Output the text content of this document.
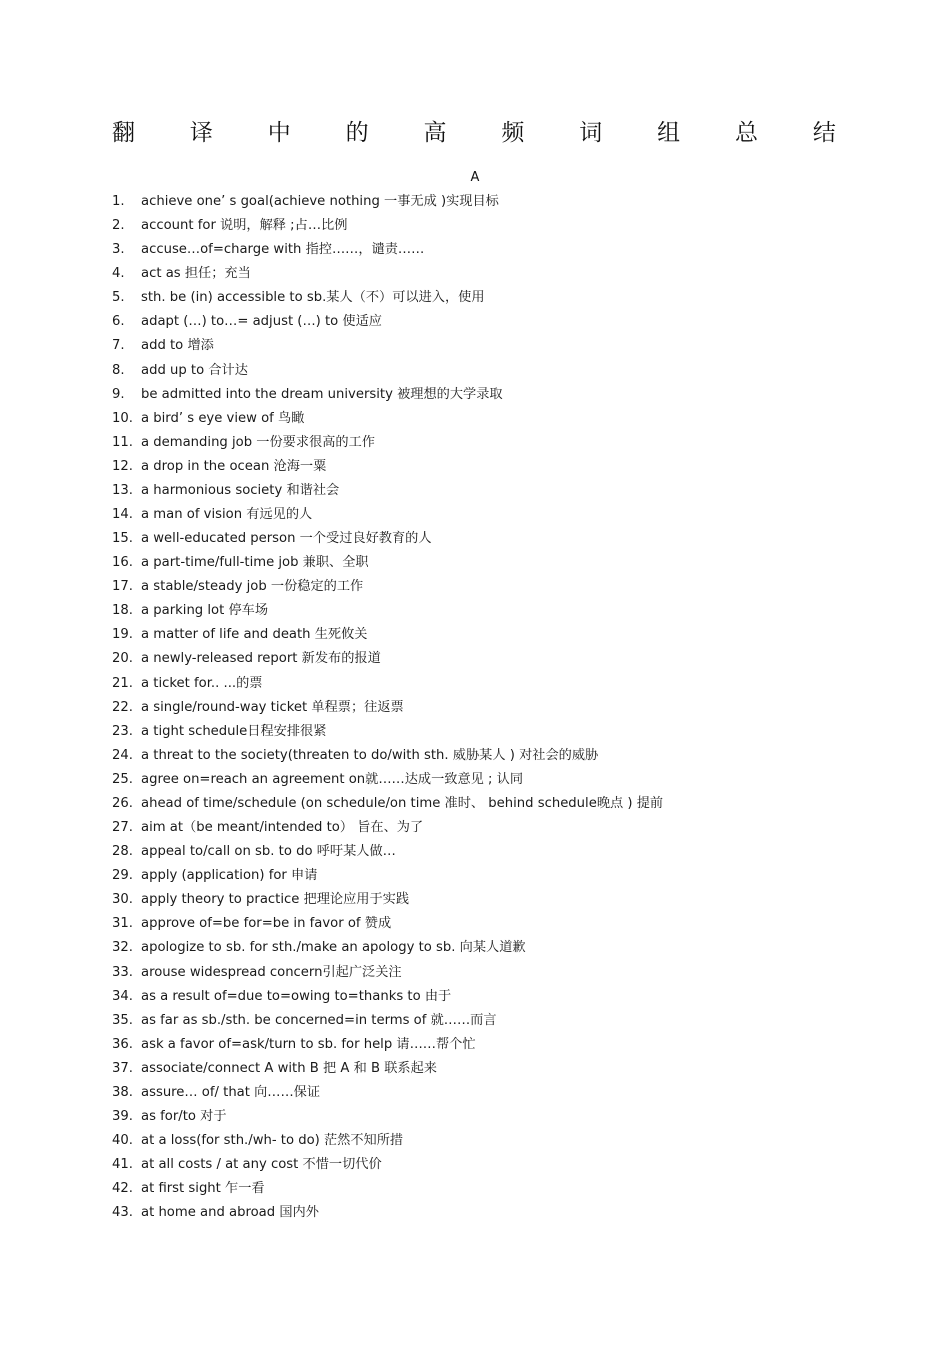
翻 译 中 的 高 频 词 组 总 结
A
1.	achieve one’ s goal(achieve nothing 一事无成 )实现目标
2.	account for 说明，解释 ;占…比例
3.	accuse…of=charge with 指控……，谴责……
4.	act as 担任；充当
5.	sth. be (in) accessible to sb.某人（不）可以进入，使用
6.	adapt (…) to…= adjust (…) to 使适应
7.	add to 增添
8.	add up to 合计达
9.	be admitted into the dream university 被理想的大学录取
10. a bird’ s eye view of 鸟瞰
11. a demanding job 一份要求很高的工作
12. a drop in the ocean 沧海一粟
13. a harmonious society 和谐社会
14. a man of vision 有远见的人
15. a well-educated person 一个受过良好教育的人
16. a part-time/full-time job 兼职、全职
17. a stable/steady job 一份稳定的工作
18. a parking lot 停车场
19. a matter of life and death 生死攸关
20. a newly-released report 新发布的报道
21. a ticket for.. ...的票
22. a single/round-way ticket 单程票；往返票
23. a tight schedule日程安排很紧
24. a threat to the society(threaten to do/with sth. 威胁某人 ) 对社会的威胁
25. agree on=reach an agreement on就……达成一致意见 ; 认同
26. ahead of time/schedule (on schedule/on time 准时、 behind schedule晚点 ) 提前
27. aim at（be meant/intended to） 旨在、为了
28. appeal to/call on sb. to do 呼吁某人做…
29. apply (application) for 申请
30. apply theory to practice 把理论应用于实践
31. approve of=be for=be in favor of 赞成
32. apologize to sb. for sth./make an apology to sb. 向某人道歉
33. arouse widespread concern引起广泛关注
34. as a result of=due to=owing to=thanks to 由于
35. as far as sb./sth. be concerned=in terms of 就……而言
36. ask a favor of=ask/turn to sb. for help 请……帮个忙
37. associate/connect A with B 把 A 和 B 联系起来
38. assure… of/ that 向……保证
39. as for/to 对于
40. at a loss(for sth./wh- to do) 茫然不知所措
41. at all costs / at any cost 不惜一切代价
42. at first sight 乍一看
43. at home and abroad 国内外
